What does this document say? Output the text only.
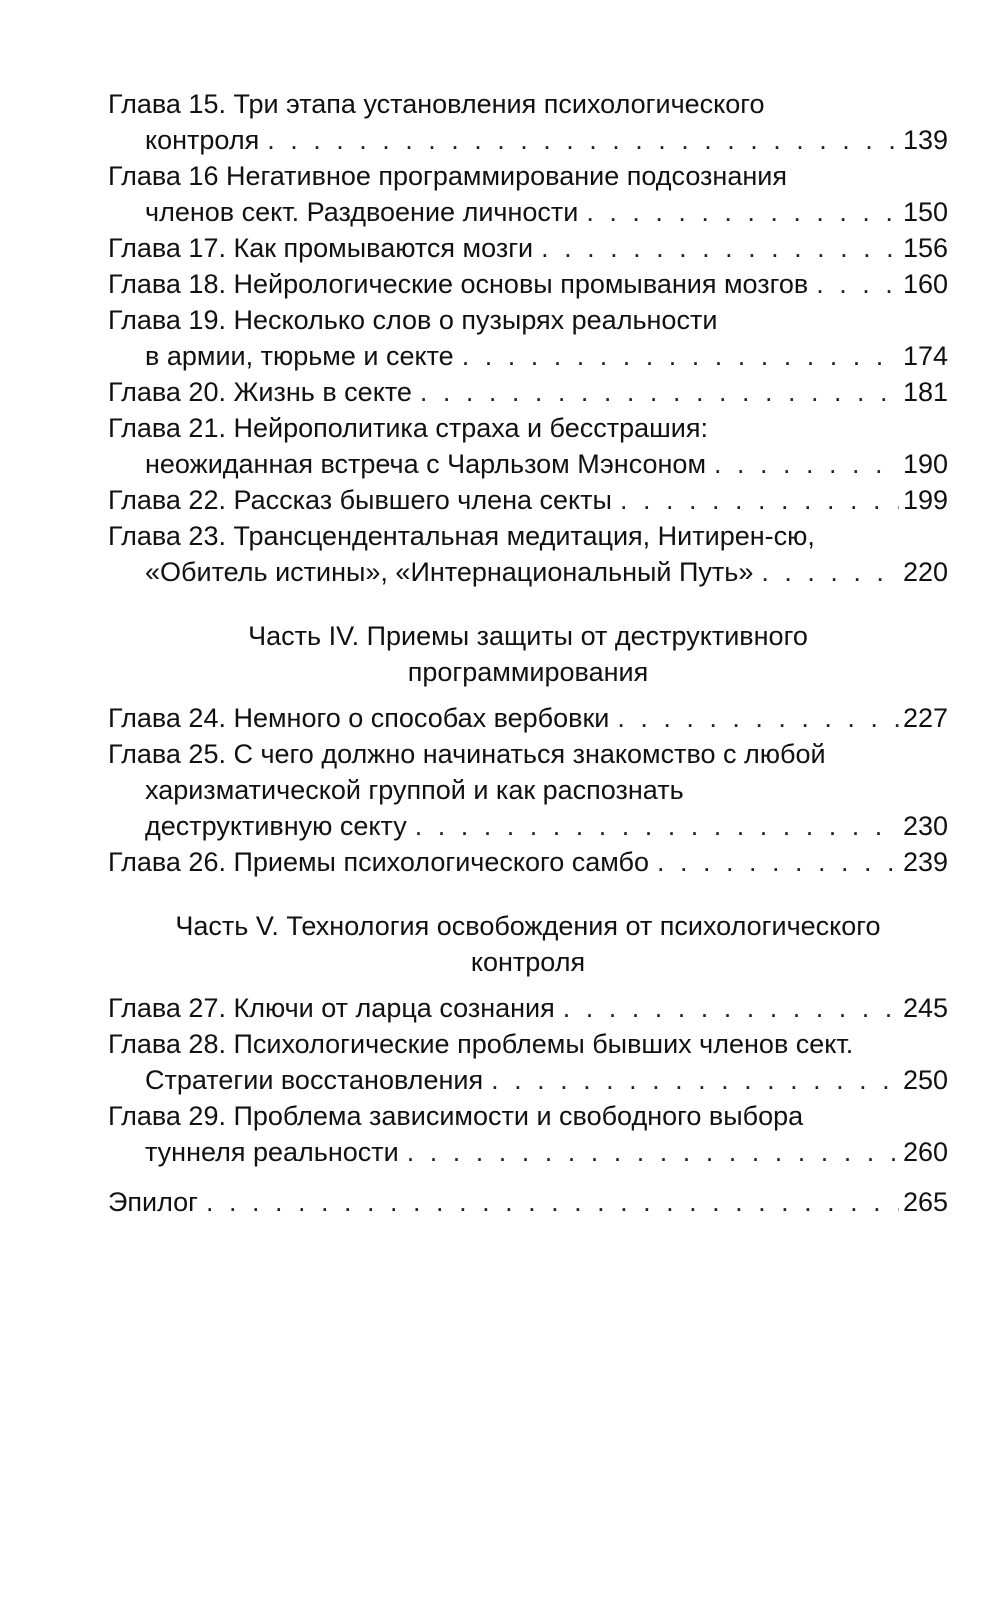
Глава 15. Три этапа установления психологического
контроля . . .	139
Глава 16 Негативное программирование подсознания
членов сект. Раздвоение личности . . .	150
Глава 17. Как промываются мозги . . .	156
Глава 18. Нейрологические основы промывания мозгов . . .	160
Глава 19. Несколько слов о пузырях реальности
в армии, тюрьме и секте . . .	174
Глава 20. Жизнь в секте . . .	181
Глава 21. Нейрополитика страха и бесстрашия:
неожиданная встреча с Чарльзом Мэнсоном . . .	190
Глава 22. Рассказ бывшего члена секты . . .	199
Глава 23. Трансцендентальная медитация, Нитирен-сю,
«Обитель истины», «Интернациональный Путь» . . .	220
Часть IV. Приемы защиты от деструктивного
программирования
Глава 24. Немного о способах вербовки . . .	227
Глава 25. С чего должно начинаться знакомство с любой
харизматической группой и как распознать
деструктивную секту . . .	230
Глава 26. Приемы психологического самбо . . .	239
Часть V. Технология освобождения от психологического
контроля
Глава 27. Ключи от ларца сознания . . .	245
Глава 28. Психологические проблемы бывших членов сект.
Стратегии восстановления . . .	250
Глава 29. Проблема зависимости и свободного выбора
туннеля реальности . . .	260
Эпилог . . .	265
